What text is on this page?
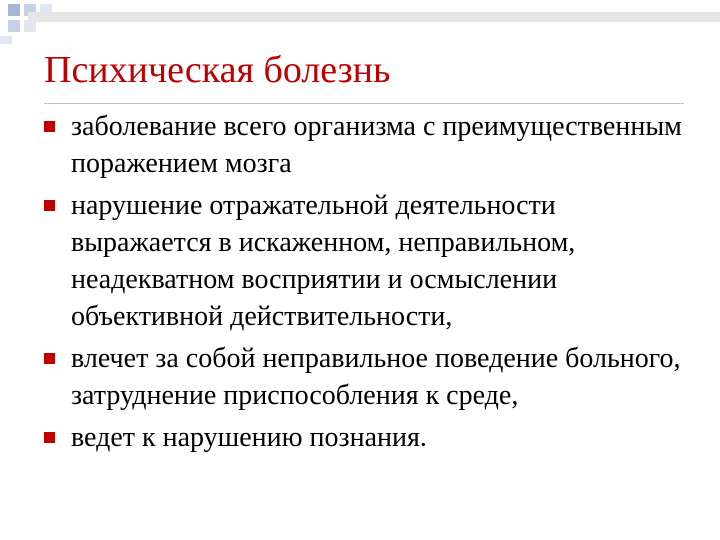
Психическая болезнь
заболевание всего организма с преимущественным поражением мозга
нарушение отражательной деятельности выражается в искаженном, неправильном, неадекватном восприятии и осмыслении объективной действительности,
влечет за собой неправильное поведение больного, затруднение приспособления к среде,
ведет к нарушению познания.
